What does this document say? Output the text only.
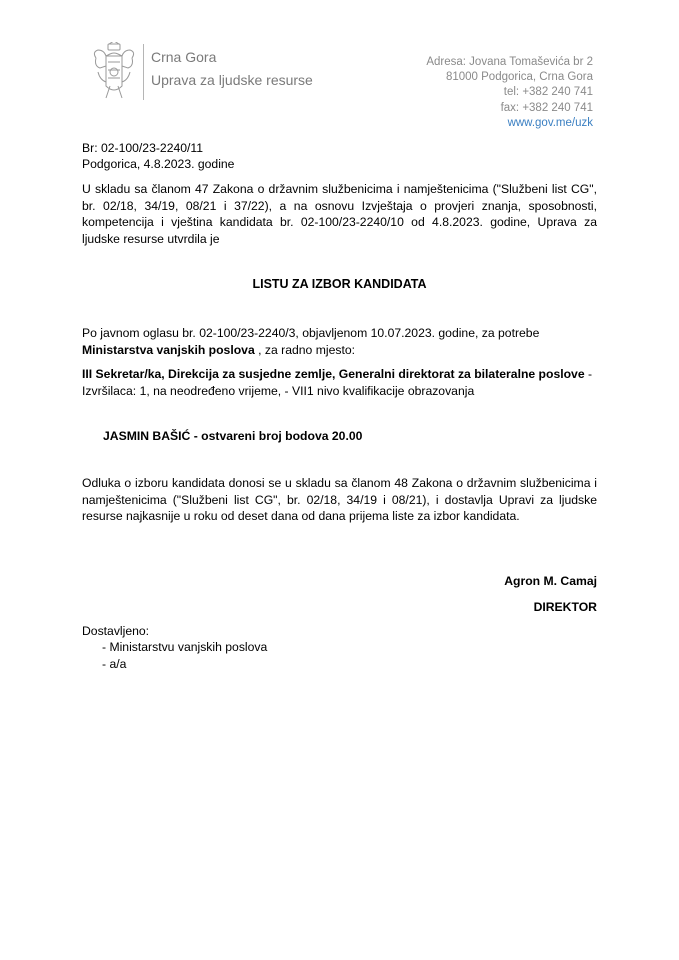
Crna Gora
Uprava za ljudske resurse
Adresa: Jovana Tomaševića br 2
81000 Podgorica, Crna Gora
tel: +382 240 741
fax: +382 240 741
www.gov.me/uzk
Br: 02-100/23-2240/11
Podgorica, 4.8.2023. godine
U skladu sa članom 47 Zakona o državnim službenicima i namještenicima ("Službeni list CG", br. 02/18, 34/19, 08/21 i 37/22), a na osnovu Izvještaja o provjeri znanja, sposobnosti, kompetencija i vještina kandidata br. 02-100/23-2240/10 od 4.8.2023. godine, Uprava za ljudske resurse utvrdila je
LISTU ZA IZBOR KANDIDATA
Po javnom oglasu br. 02-100/23-2240/3, objavljenom 10.07.2023. godine, za potrebe
Ministarstva vanjskih poslova , za radno mjesto:
III Sekretar/ka, Direkcija za susjedne zemlje, Generalni direktorat za bilateralne poslove - Izvršilaca: 1, na neodređeno vrijeme, - VII1 nivo kvalifikacije obrazovanja
JASMIN BAŠIĆ - ostvareni broj bodova 20.00
Odluka o izboru kandidata donosi se u skladu sa članom 48 Zakona o državnim službenicima i namještenicima ("Službeni list CG", br. 02/18, 34/19 i 08/21), i dostavlja Upravi za ljudske resurse najkasnije u roku od deset dana od dana prijema liste za izbor kandidata.
Agron M. Camaj
DIREKTOR
Dostavljeno:
- Ministarstvu vanjskih poslova
- a/a
